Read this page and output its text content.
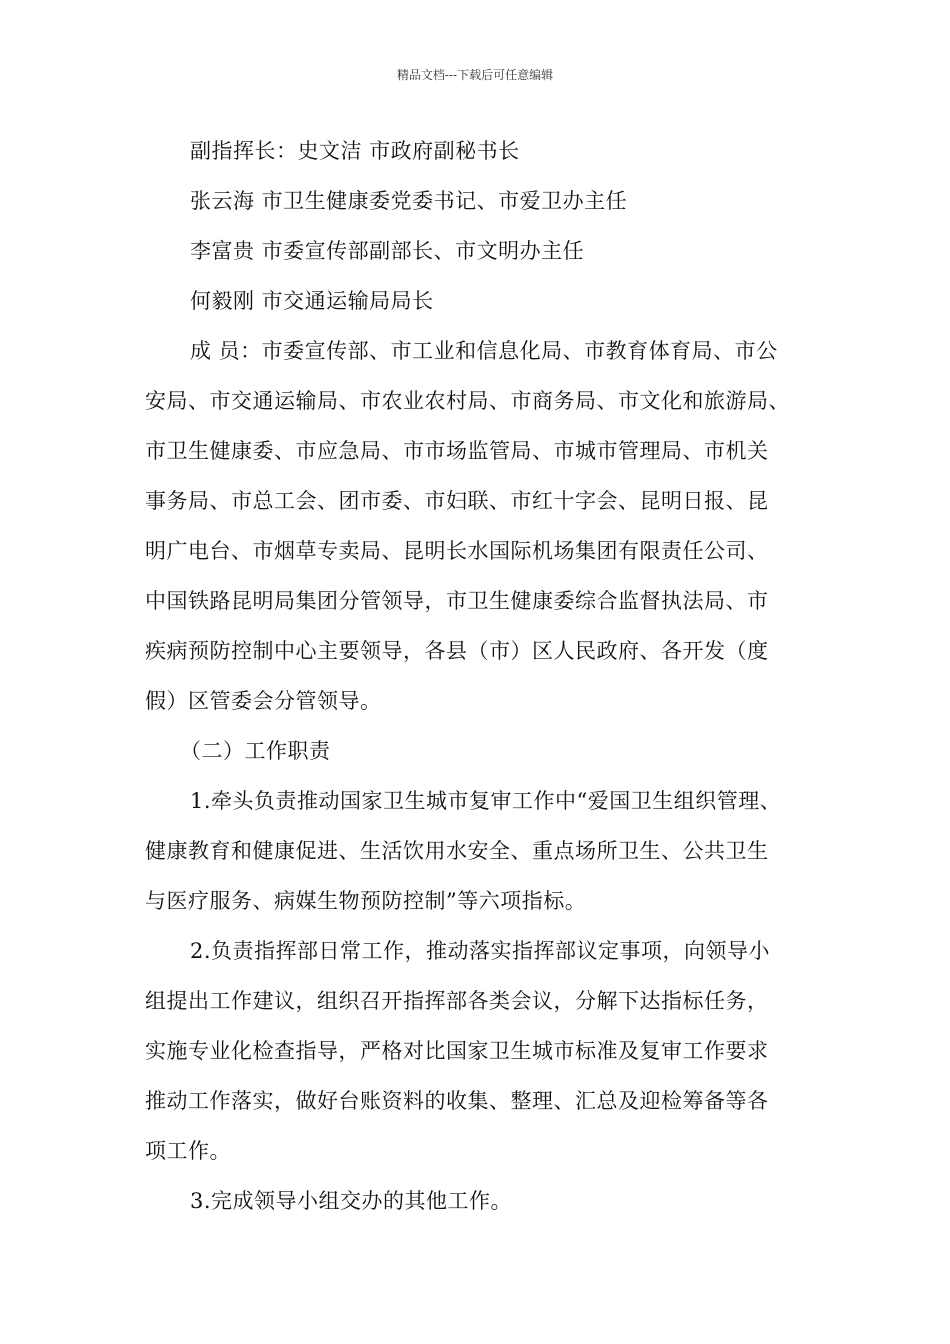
精品文档---下载后可任意编辑
副指挥长：史文洁 市政府副秘书长
张云海 市卫生健康委党委书记、市爱卫办主任
李富贵 市委宣传部副部长、市文明办主任
何毅刚 市交通运输局局长
成 员：市委宣传部、市工业和信息化局、市教育体育局、市公
安局、市交通运输局、市农业农村局、市商务局、市文化和旅游局、
市卫生健康委、市应急局、市市场监管局、市城市管理局、市机关
事务局、市总工会、团市委、市妇联、市红十字会、昆明日报、昆
明广电台、市烟草专卖局、昆明长水国际机场集团有限责任公司、
中国铁路昆明局集团分管领导，市卫生健康委综合监督执法局、市
疾病预防控制中心主要领导，各县（市）区人民政府、各开发（度
假）区管委会分管领导。
（二）工作职责
1.牵头负责推动国家卫生城市复审工作中“爱国卫生组织管理、
健康教育和健康促进、生活饮用水安全、重点场所卫生、公共卫生
与医疗服务、病媒生物预防控制”等六项指标。
2.负责指挥部日常工作，推动落实指挥部议定事项，向领导小
组提出工作建议，组织召开指挥部各类会议，分解下达指标任务，
实施专业化检查指导，严格对比国家卫生城市标准及复审工作要求
推动工作落实，做好台账资料的收集、整理、汇总及迎检筹备等各
项工作。
3.完成领导小组交办的其他工作。
